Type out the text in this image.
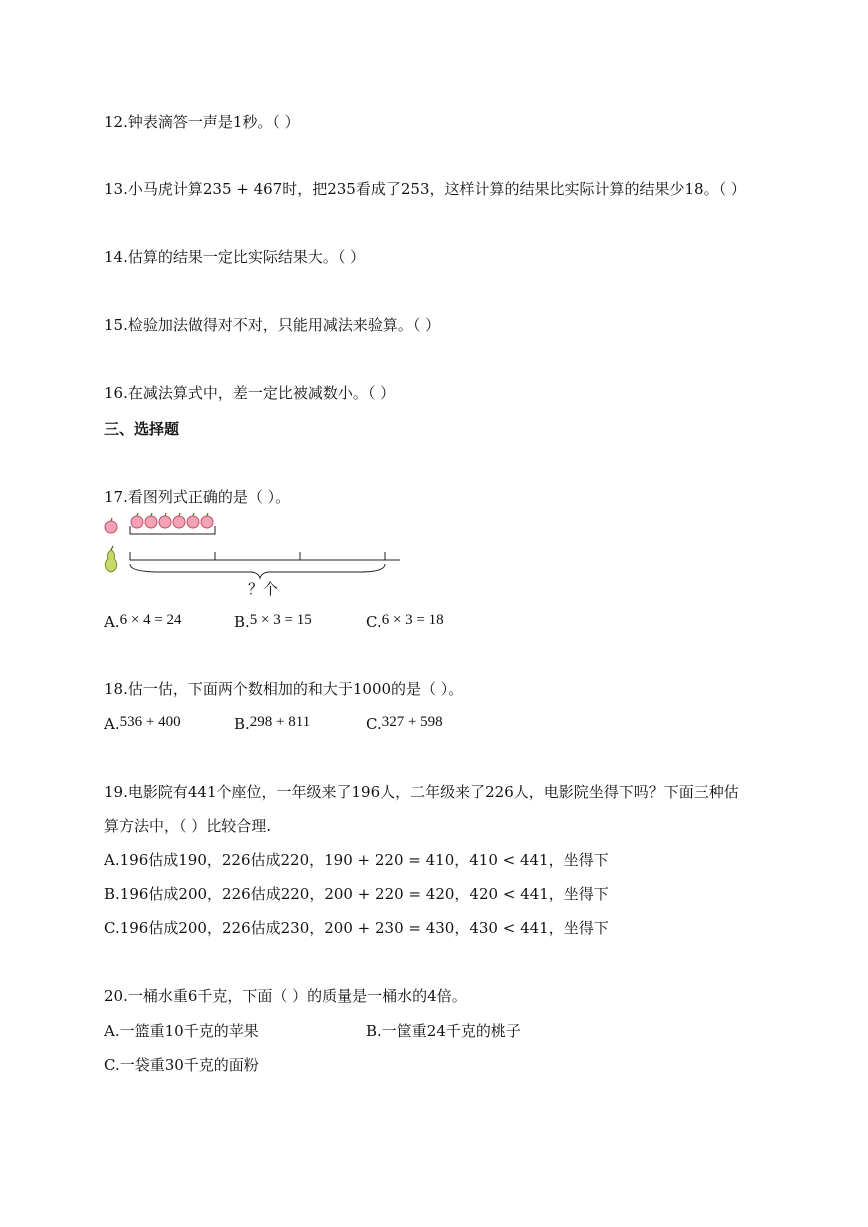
12.钟表滴答一声是1秒。（ ）
13.小马虎计算235 + 467时，把235看成了253，这样计算的结果比实际计算的结果少18。（ ）
14.估算的结果一定比实际结果大。（ ）
15.检验加法做得对不对，只能用减法来验算。（ ）
16.在减法算式中，差一定比被减数小。（ ）
三、选择题
17.看图列式正确的是（ ）。
？个
A.6 × 4 = 24	B.5 × 3 = 15	C.6 × 3 = 18
18.估一估，下面两个数相加的和大于1000的是（ ）。
A.536 + 400	B.298 + 811	C.327 + 598
19.电影院有441个座位，一年级来了196人，二年级来了226人，电影院坐得下吗？下面三种估
算方法中，（ ）比较合理.
A.196估成190，226估成220，190 + 220 = 410，410 < 441，坐得下
B.196估成200，226估成220，200 + 220 = 420，420 < 441，坐得下
C.196估成200，226估成230，200 + 230 = 430，430 < 441，坐得下
20.一桶水重6千克，下面（ ）的质量是一桶水的4倍。
A.一篮重10千克的苹果	B.一筐重24千克的桃子
C.一袋重30千克的面粉
